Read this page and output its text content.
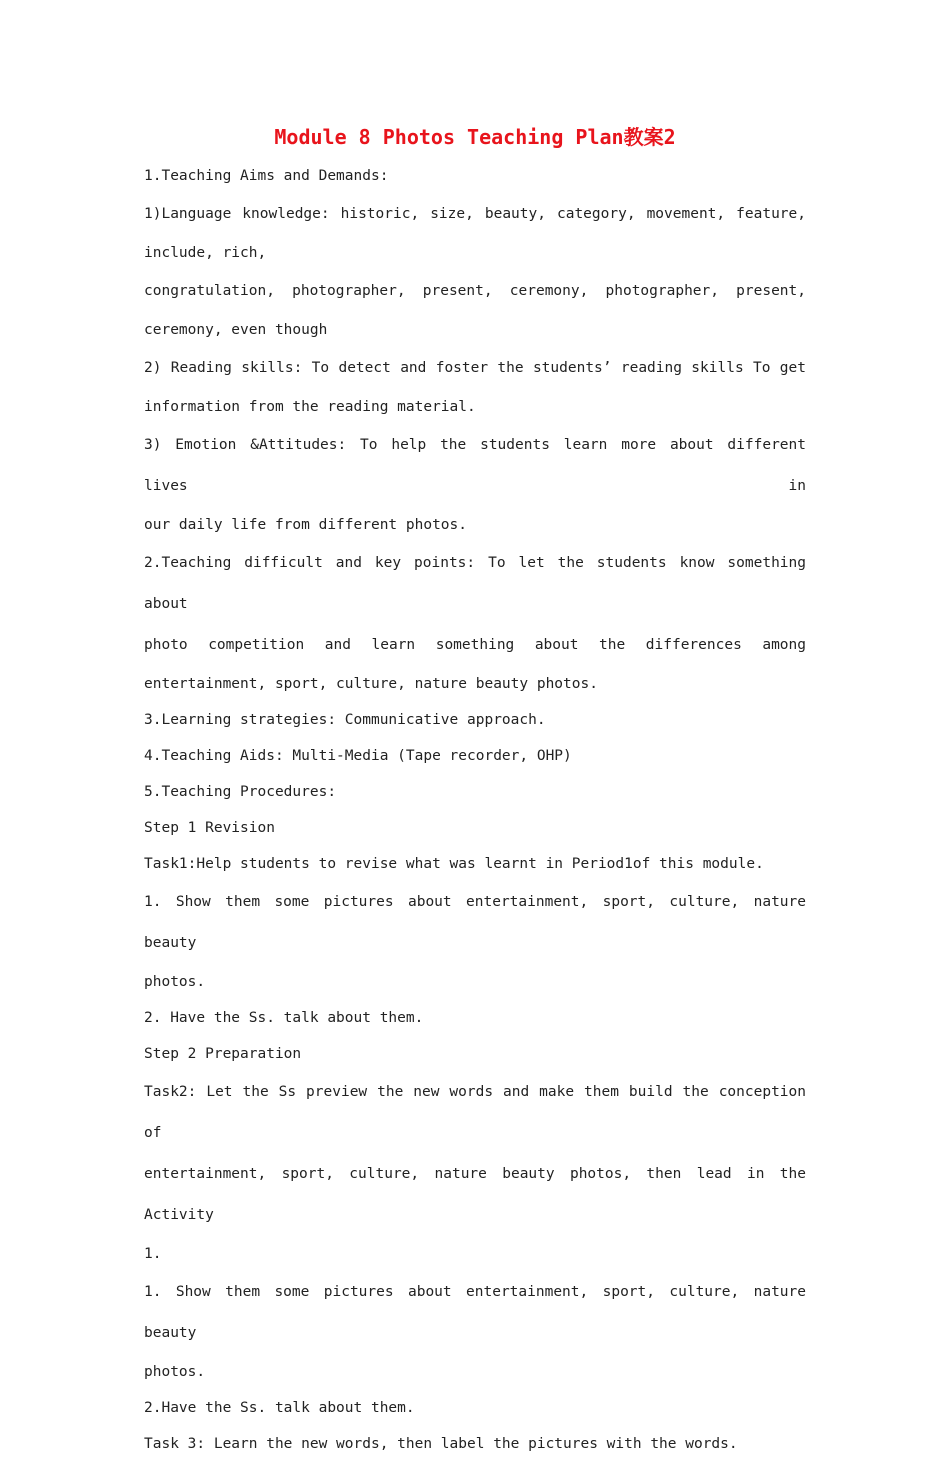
Module 8 Photos Teaching Plan教案2
1.Teaching Aims and Demands:
1)Language knowledge: historic, size, beauty, category, movement, feature,
include, rich,
congratulation, photographer, present, ceremony, photographer, present,
ceremony, even though
2) Reading skills: To detect and foster the students’ reading skills To get
information from the reading material.
3) Emotion &Attitudes: To help the students learn more about different lives in
our daily life from different photos.
2.Teaching difficult and key points: To let the students know something about
photo competition and learn something about the differences among
entertainment, sport, culture, nature beauty photos.
3.Learning strategies: Communicative approach.
4.Teaching Aids: Multi-Media (Tape recorder, OHP)
5.Teaching Procedures:
Step 1 Revision
Task1:Help students to revise what was learnt in Period1of this module.
1. Show them some pictures about entertainment, sport, culture, nature beauty
photos.
2. Have the Ss. talk about them.
Step 2 Preparation
Task2: Let the Ss preview the new words and make them build the conception of
entertainment, sport, culture, nature beauty photos, then lead in the Activity
1.
1. Show them some pictures about entertainment, sport, culture, nature beauty
photos.
2.Have the Ss. talk about them.
Task 3: Learn the new words, then label the pictures with the words.
